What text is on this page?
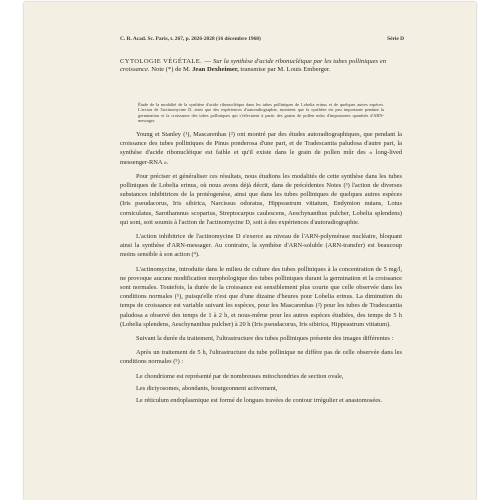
C. R. Acad. Sc. Paris, t. 267, p. 2026-2028 (16 décembre 1968)	Série D
CYTOLOGIE VÉGÉTALE. — Sur la synthèse d'acide ribonucléique par les tubes polliniques en croissance. Note (*) de M. Jean Dexheimer, transmise par M. Louis Emberger.
Étude de la modalité de la synthèse d'acide ribonucléique dans les tubes polliniques de Lobelia erinus et de quelques autres espèces. L'action de l'actinomycine D, ainsi que des expériences d'autoradiographie, montrent que la synthèse est peu importante pendant la germination et la croissance des tubes polliniques qui s'effectuent à partir des grains de pollen mûrs d'importantes quantités d'ARN-messager.

Young et Stanley (¹), Mascarenhas (²) ont montré par des études autoradiographiques, que pendant la croissance des tubes polliniques de Pinus ponderosa d'une part, et de Tradescantia paludosa d'autre part, la synthèse d'acide ribonucléique est faible et qu'il existe dans le grain de pollen mûr des « long-lived messenger-RNA ».

Pour préciser et généraliser ces résultats, nous étudions les modalités de cette synthèse dans les tubes polliniques de Lobelia erinus, où nous avons déjà décrit, dans de précédentes Notes (³) l'action de diverses substances inhibitrices de la protéogenèse, ainsi que dans les tubes polliniques de quelques autres espèces (Iris pseudacorus, Iris sibirica, Narcissus odoratus, Hippeastrum vittatum, Endymion nutans, Lotus corniculatus, Sarothamnus scoparius, Streptocarpus caulescens, Aeschynanthus pulcher, Lobelia splendens) qui sont, soit soumis à l'action de l'actinomycine D, soit à des expériences d'autoradiographie.

L'action inhibitrice de l'actinomycine D s'exerce au niveau de l'ARN-polymérase nucléaire, bloquant ainsi la synthèse d'ARN-messager. Au contraire, la synthèse d'ARN-soluble (ARN-transfer) est beaucoup moins sensible à son action (⁴).

L'actinomycine, introduite dans le milieu de culture des tubes polliniques à la concentration de 5 mg/l, ne provoque aucune modification morphologique des tubes polliniques durant la germination et la croissance sont normales. Toutefois, la durée de la croissance est sensiblement plus courte que celle observée dans les conditions normales (⁵), puisqu'elle n'est que d'une dizaine d'heures pour Lobelia erinus. La diminution du temps de croissance est variable suivant les espèces, pour les Mascarenhas (²) pour les tubes de Tradescantia paludosa a observé des temps de 1 à 2 h, et nous-même pour les autres espèces étudiées, des temps de 5 h (Lobelia splendens, Aeschynanthus pulcher) à 20 h (Iris pseudacorus, Iris sibirica, Hippeastrum vittatum).

Suivant la durée du traitement, l'ultrastructure des tubes polliniques présente des images différentes :

Après un traitement de 5 h, l'ultrastructure du tube pollinique ne diffère pas de celle observée dans les conditions normales (⁵) :

Le chondriome est représenté par de nombreuses mitochondries de section ovale,

Les dictyosomes, abondants, bourgeonnent activement,

Le réticulum endoplasmique est formé de longues travées de contour irrégulier et anastomosées.
